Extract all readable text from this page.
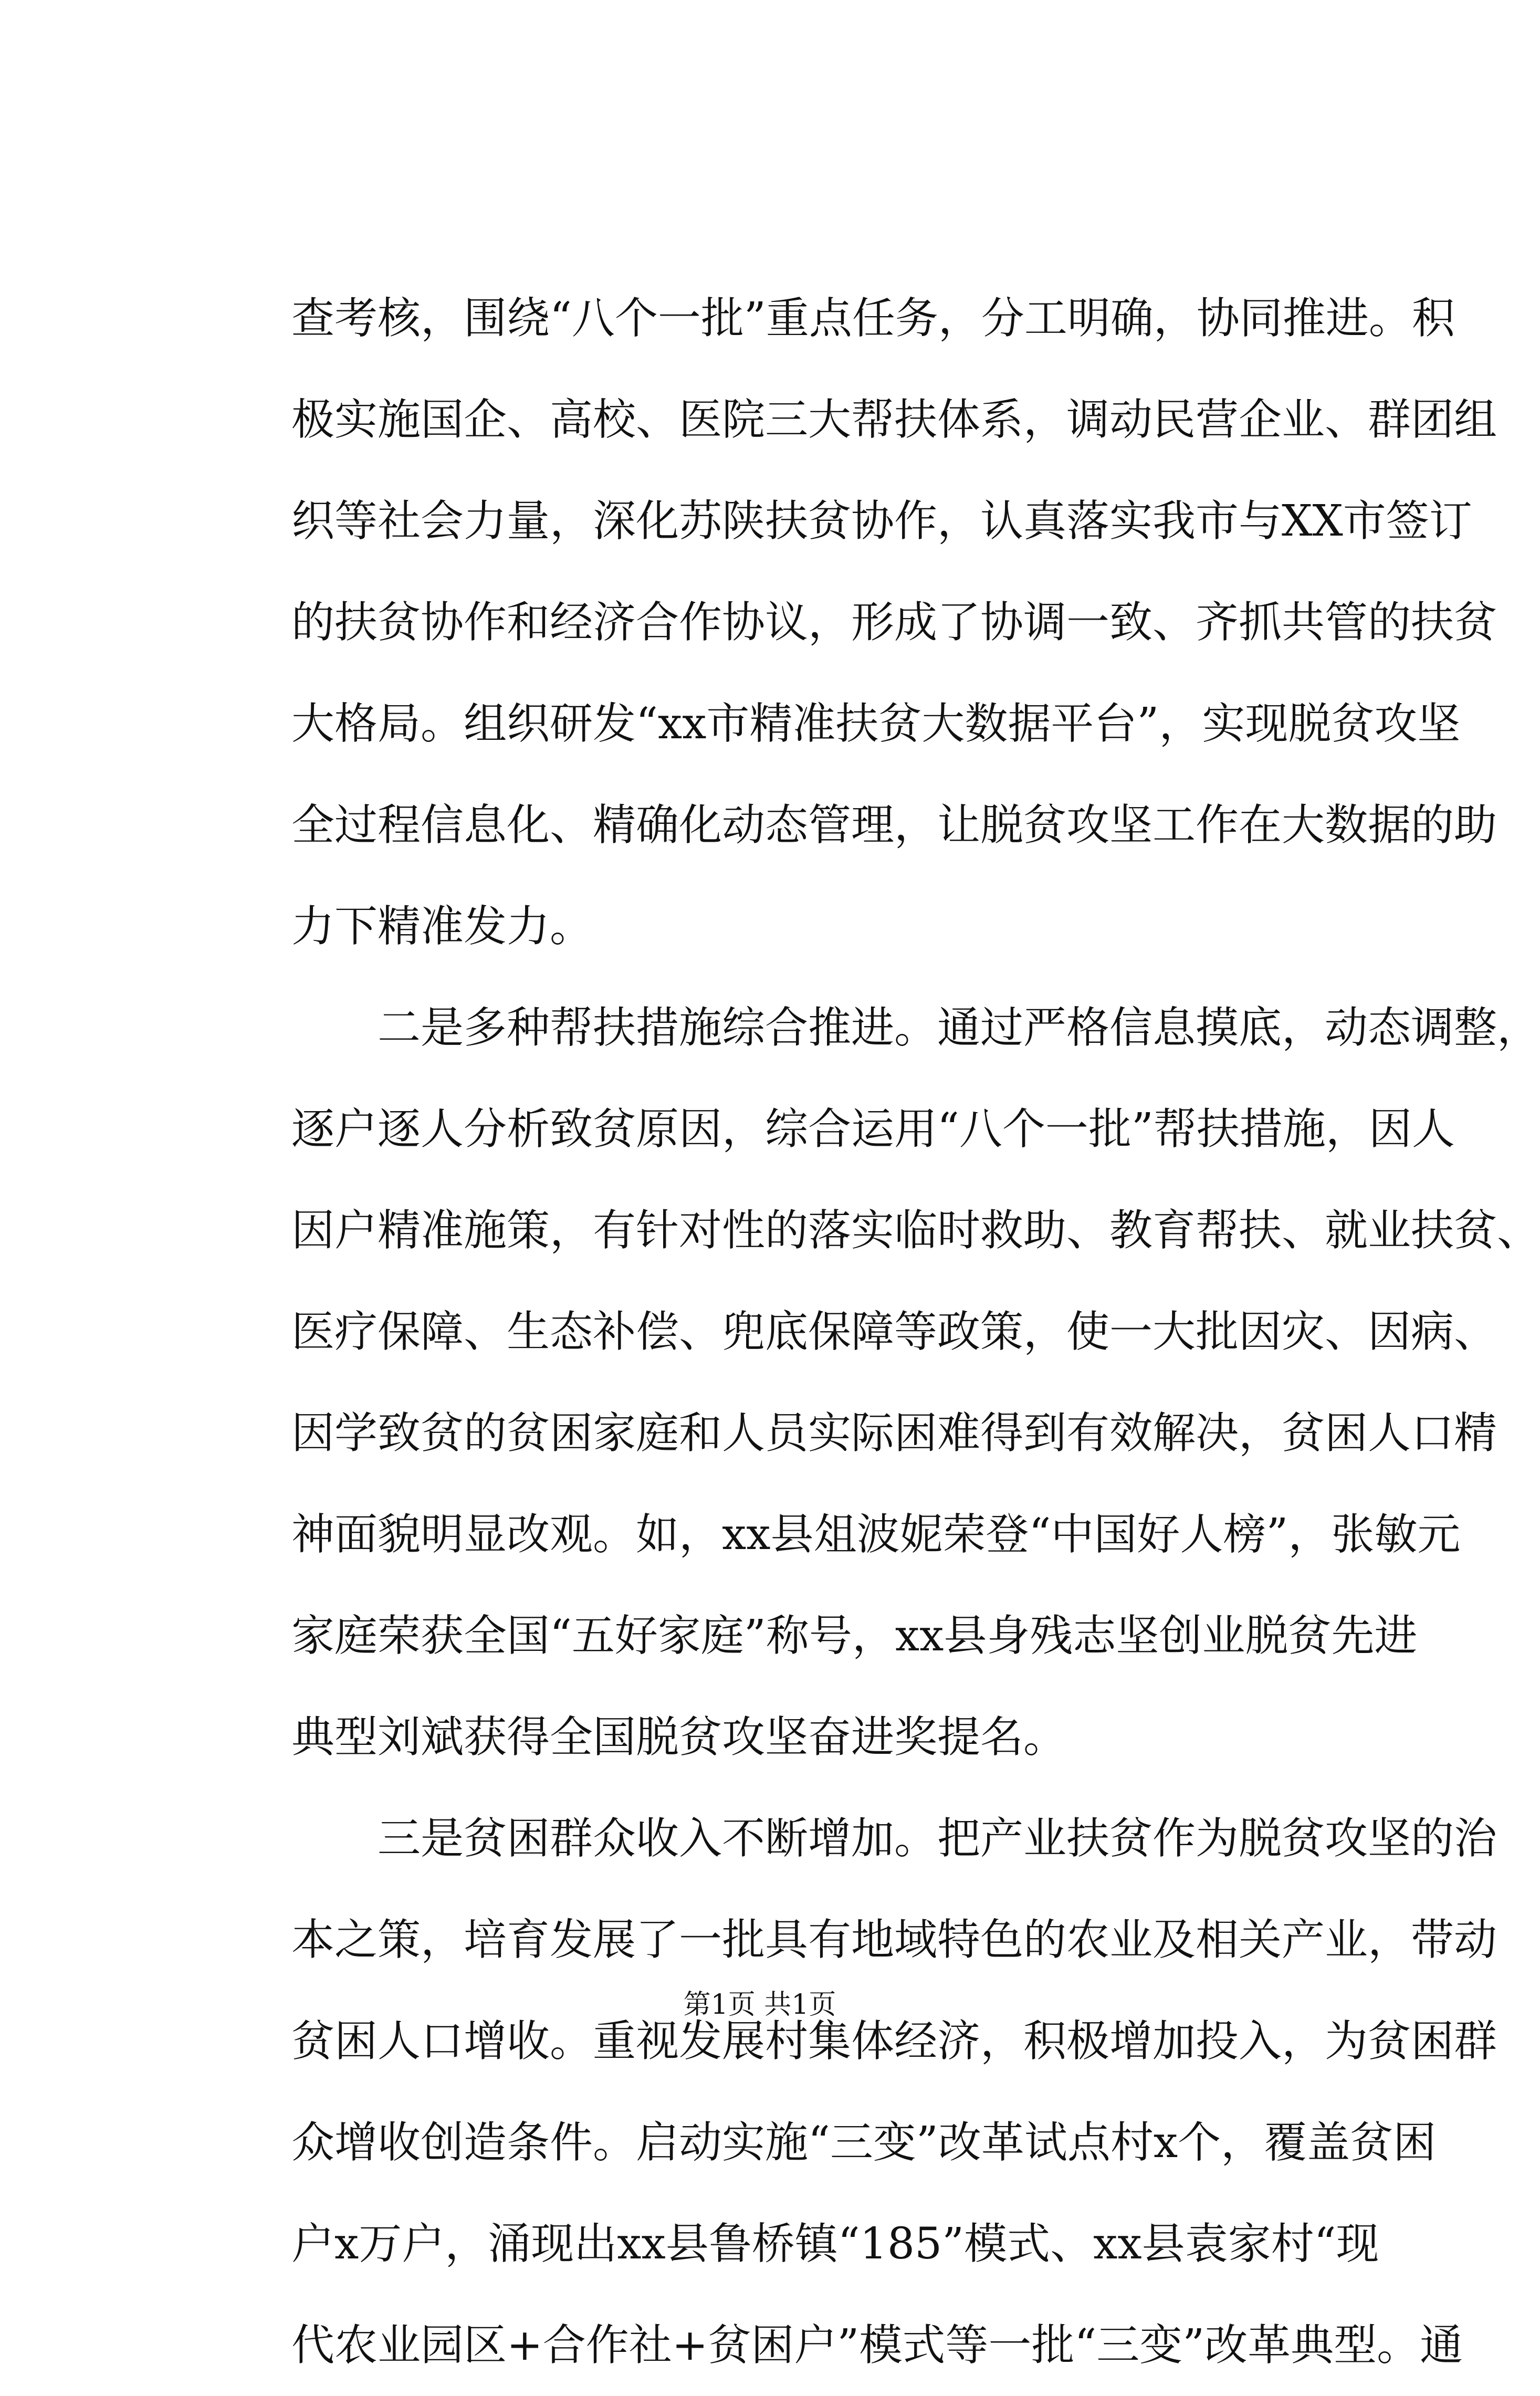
查考核，围绕“八个一批”重点任务，分工明确，协同推进。积
极实施国企、高校、医院三大帮扶体系，调动民营企业、群团组
织等社会力量，深化苏陕扶贫协作，认真落实我市与XX市签订
的扶贫协作和经济合作协议，形成了协调一致、齐抓共管的扶贫
大格局。组织研发“xx市精准扶贫大数据平台”，实现脱贫攻坚
全过程信息化、精确化动态管理，让脱贫攻坚工作在大数据的助
力下精准发力。
　　二是多种帮扶措施综合推进。通过严格信息摸底，动态调整，
逐户逐人分析致贫原因，综合运用“八个一批”帮扶措施，因人
因户精准施策，有针对性的落实临时救助、教育帮扶、就业扶贫、
医疗保障、生态补偿、兜底保障等政策，使一大批因灾、因病、
因学致贫的贫困家庭和人员实际困难得到有效解决，贫困人口精
神面貌明显改观。如，xx县俎波妮荣登“中国好人榜”，张敏元
家庭荣获全国“五好家庭”称号，xx县身残志坚创业脱贫先进
典型刘斌获得全国脱贫攻坚奋进奖提名。
　　三是贫困群众收入不断增加。把产业扶贫作为脱贫攻坚的治
本之策，培育发展了一批具有地域特色的农业及相关产业，带动
贫困人口增收。重视发展村集体经济，积极增加投入，为贫困群
众增收创造条件。启动实施“三变”改革试点村x个，覆盖贫困
户x万户，涌现出xx县鲁桥镇“185”模式、xx县袁家村“现
代农业园区+合作社+贫困户”模式等一批“三变”改革典型。通
第1页 共1页
